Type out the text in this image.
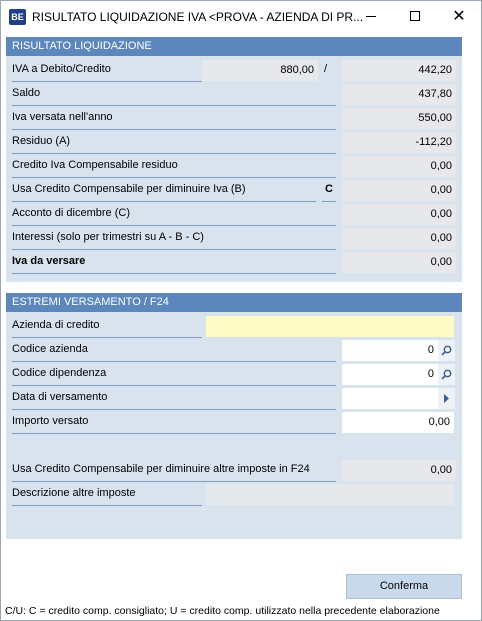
BE RISULTATO LIQUIDAZIONE IVA <PROVA - AZIENDA DI PR...	✕
RISULTATO LIQUIDAZIONE
IVA a Debito/Credito	880,00 /	442,20
Saldo	437,80
Iva versata nell'anno	550,00
Residuo (A)	-112,20
Credito Iva Compensabile residuo	0,00
Usa Credito Compensabile per diminuire Iva (B)	C	0,00
Acconto di dicembre (C)	0,00
Interessi (solo per trimestri su A - B - C)	0,00
Iva da versare	0,00
ESTREMI VERSAMENTO / F24
Azienda di credito
Codice azienda	0
Codice dipendenza	0
Data di versamento
Importo versato	0,00
Usa Credito Compensabile per diminuire altre imposte in F24	0,00
Descrizione altre imposte
Conferma
C/U: C = credito comp. consigliato; U = credito comp. utilizzato nella precedente elaborazione
